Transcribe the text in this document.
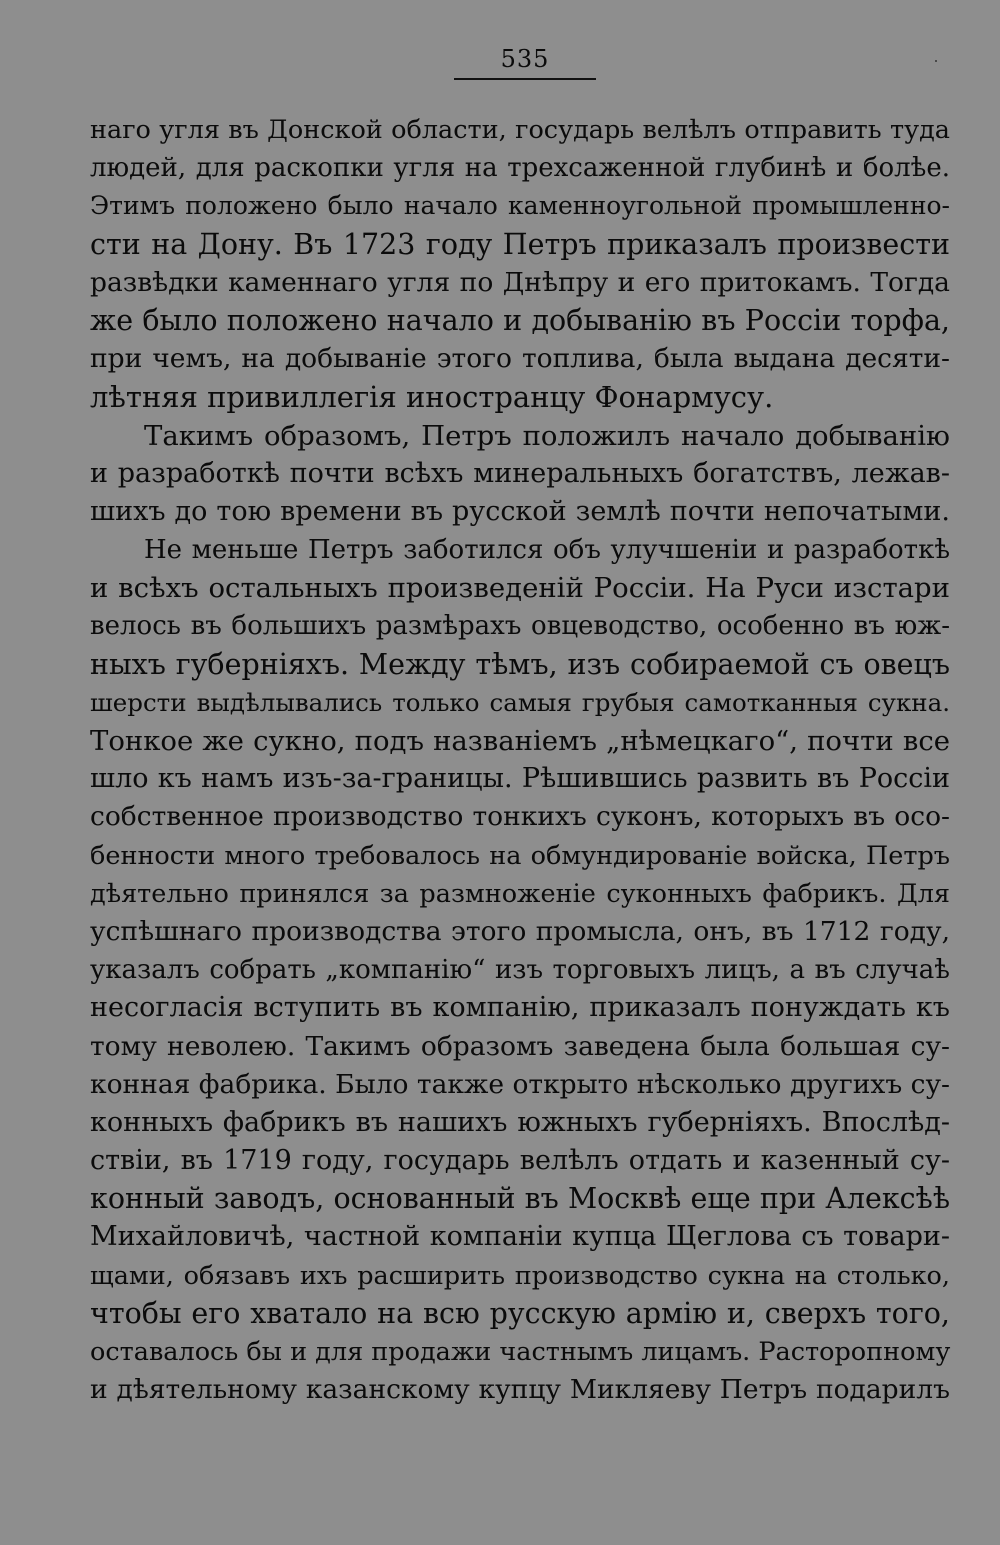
535
наго угля въ Донской области, государь велѣлъ отправить туда
людей, для раскопки угля на трехсаженной глубинѣ и болѣе.
Этимъ положено было начало каменноугольной промышленно-
сти на Дону. Въ 1723 году Петръ приказалъ произвести
развѣдки каменнаго угля по Днѣпру и его притокамъ. Тогда
же было положено начало и добыванію въ Россіи торфа,
при чемъ, на добываніе этого топлива, была выдана десяти-
лѣтняя привиллегія иностранцу Фонармусу.
Такимъ образомъ, Петръ положилъ начало добыванію
и разработкѣ почти всѣхъ минеральныхъ богатствъ, лежав-
шихъ до тою времени въ русской землѣ почти непочатыми.
Не меньше Петръ заботился объ улучшеніи и разработкѣ
и всѣхъ остальныхъ произведеній Россіи. На Руси изстари
велось въ большихъ размѣрахъ овцеводство, особенно въ юж-
ныхъ губерніяхъ. Между тѣмъ, изъ собираемой съ овецъ
шерсти выдѣлывались только самыя грубыя самотканныя сукна.
Тонкое же сукно, подъ названіемъ „нѣмецкаго“, почти все
шло къ намъ изъ-за-границы. Рѣшившись развить въ Россіи
собственное производство тонкихъ суконъ, которыхъ въ осо-
бенности много требовалось на обмундированіе войска, Петръ
дѣятельно принялся за размноженіе суконныхъ фабрикъ. Для
успѣшнаго производства этого промысла, онъ, въ 1712 году,
указалъ собрать „компанію“ изъ торговыхъ лицъ, а въ случаѣ
несогласія вступить въ компанію, приказалъ понуждать къ
тому неволею. Такимъ образомъ заведена была большая су-
конная фабрика. Было также открыто нѣсколько другихъ су-
конныхъ фабрикъ въ нашихъ южныхъ губерніяхъ. Впослѣд-
ствіи, въ 1719 году, государь велѣлъ отдать и казенный су-
конный заводъ, основанный въ Москвѣ еще при Алексѣѣ
Михайловичѣ, частной компаніи купца Щеглова съ товари-
щами, обязавъ ихъ расширить производство сукна на столько,
чтобы его хватало на всю русскую армію и, сверхъ того,
оставалось бы и для продажи частнымъ лицамъ. Расторопному
и дѣятельному казанскому купцу Микляеву Петръ подарилъ
